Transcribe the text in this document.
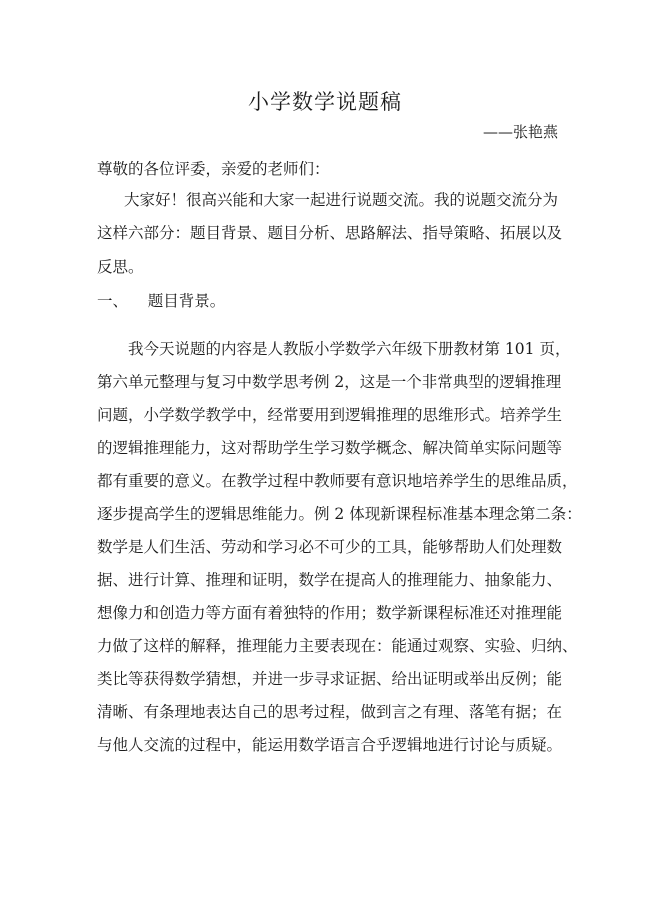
小学数学说题稿
——张艳燕
尊敬的各位评委，亲爱的老师们：
大家好！很高兴能和大家一起进行说题交流。我的说题交流分为
这样六部分：题目背景、题目分析、思路解法、指导策略、拓展以及
反思。
一、    题目背景。
我今天说题的内容是人教版小学数学六年级下册教材第 101 页，
第六单元整理与复习中数学思考例 2，这是一个非常典型的逻辑推理
问题，小学数学教学中，经常要用到逻辑推理的思维形式。培养学生
的逻辑推理能力，这对帮助学生学习数学概念、解决简单实际问题等
都有重要的意义。在教学过程中教师要有意识地培养学生的思维品质，
逐步提高学生的逻辑思维能力。例 2 体现新课程标准基本理念第二条：
数学是人们生活、劳动和学习必不可少的工具，能够帮助人们处理数
据、进行计算、推理和证明，数学在提高人的推理能力、抽象能力、
想像力和创造力等方面有着独特的作用；数学新课程标准还对推理能
力做了这样的解释，推理能力主要表现在：能通过观察、实验、归纳、
类比等获得数学猜想，并进一步寻求证据、给出证明或举出反例；能
清晰、有条理地表达自己的思考过程，做到言之有理、落笔有据；在
与他人交流的过程中，能运用数学语言合乎逻辑地进行讨论与质疑。
